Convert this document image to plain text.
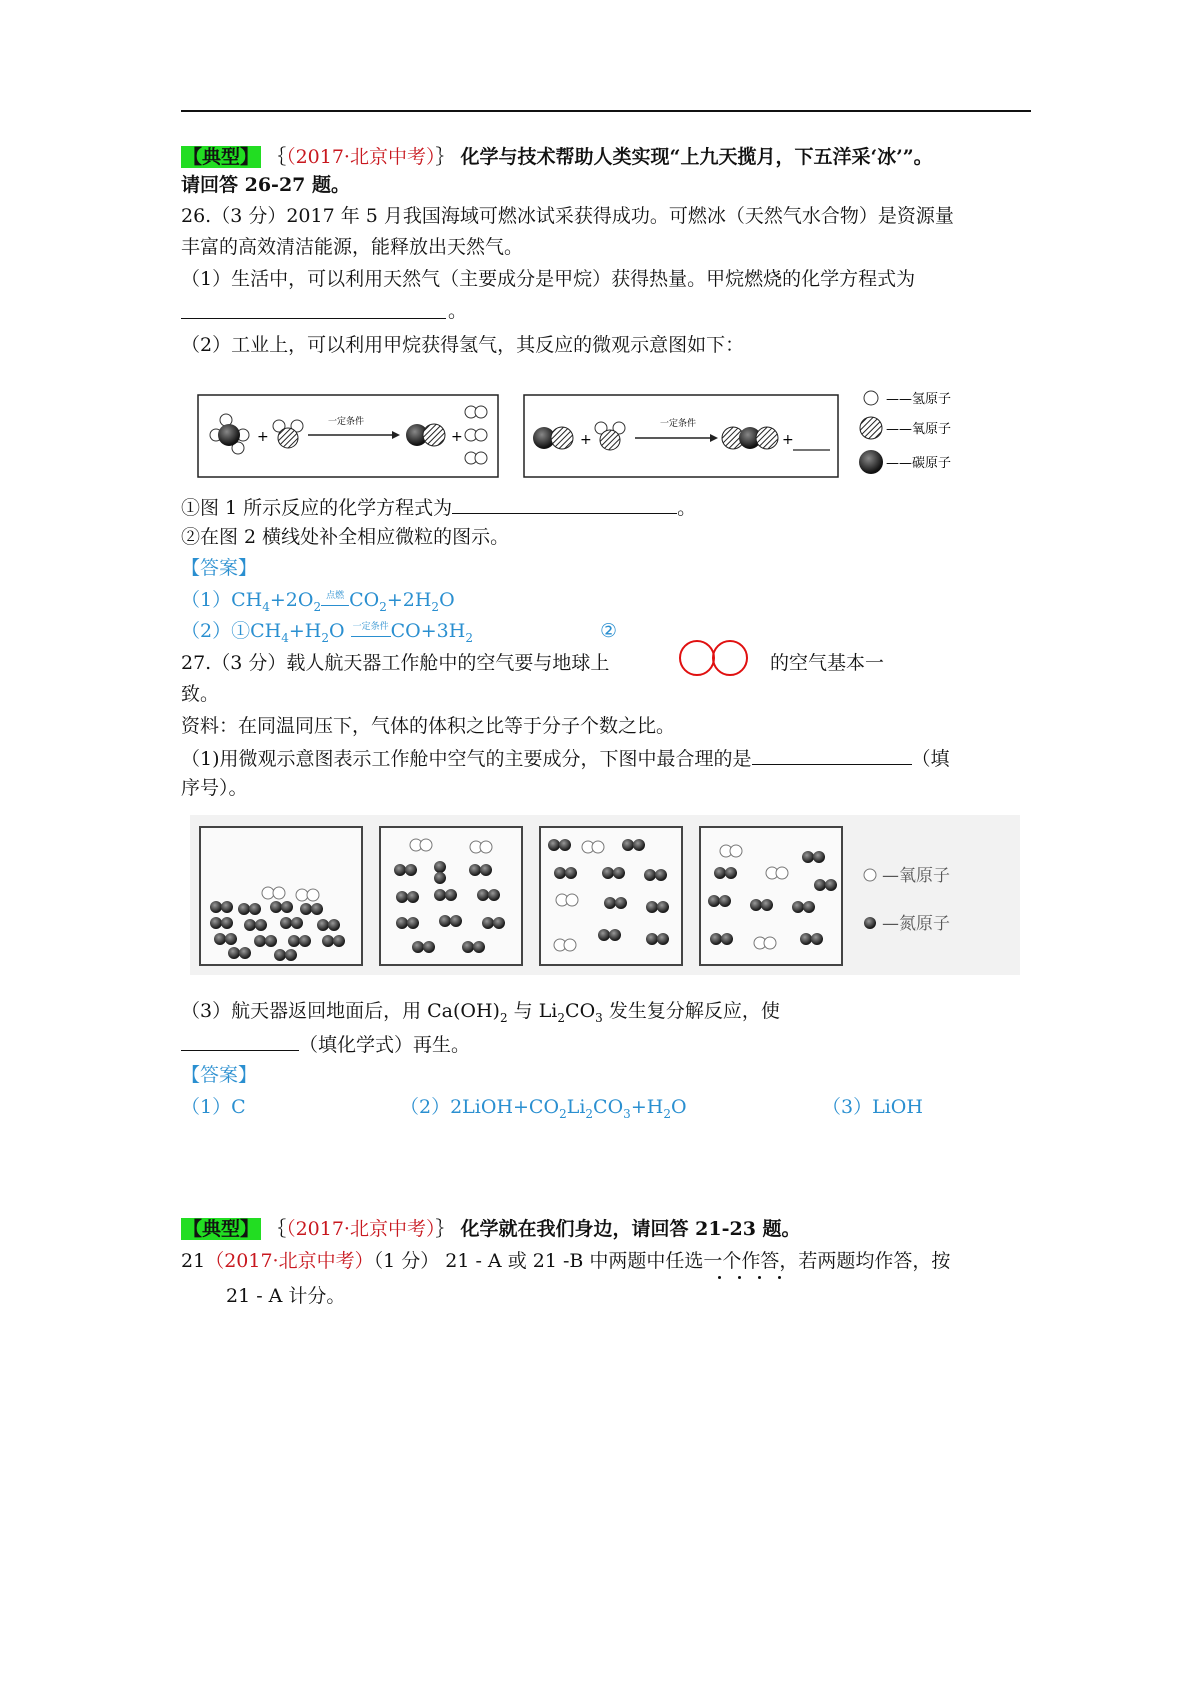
【典型】 ｛（2017·北京中考）｝ 化学与技术帮助人类实现“上九天揽月，下五洋采‘冰’”。
请回答 26-27 题。
26.（3 分）2017 年 5 月我国海域可燃冰试采获得成功。可燃冰（天然气水合物）是资源量
丰富的高效清洁能源，能释放出天然气。
（1）生活中，可以利用天然气（主要成分是甲烷）获得热量。甲烷燃烧的化学方程式为
。
（2）工业上，可以利用甲烷获得氢气，其反应的微观示意图如下：
+
一定条件
+	+
一定条件
+
——氢原子
——氧原子
——碳原子
①图 1 所示反应的化学方程式为	。
②在图 2 横线处补全相应微粒的图示。
【答案】
$(1)CH_4+2O_2$
点燃 $CO_2+2H_2O$
$(2)①CH_4+H_2O$ 一定条件 $CO+3H_2$	②
27.（3 分）载人航天器工作舱中的空气要与地球上	的空气基本一
致。
资料：在同温同压下，气体的体积之比等于分子个数之比。
（1)用微观示意图表示工作舱中空气的主要成分，下图中最合理的是	（填
序号）。
—氧原子
—氮原子
（3）航天器返回地面后，用 $Ca(OH)_2$ 与 $Li_2CO_3$ 发生复分解反应，使
（填化学式）再生。
【答案】
（1）C	$(2)2LiOH+CO_2Li_2CO_3+H_2O$	（3）LiOH
【典型】 ｛（2017·北京中考）｝ 化学就在我们身边，请回答 21-23 题。
21（2017·北京中考）（1 分） 21 - A 或 21 -B 中两题中任选一个作答，若两题均作答，按
21 - A 计分。
